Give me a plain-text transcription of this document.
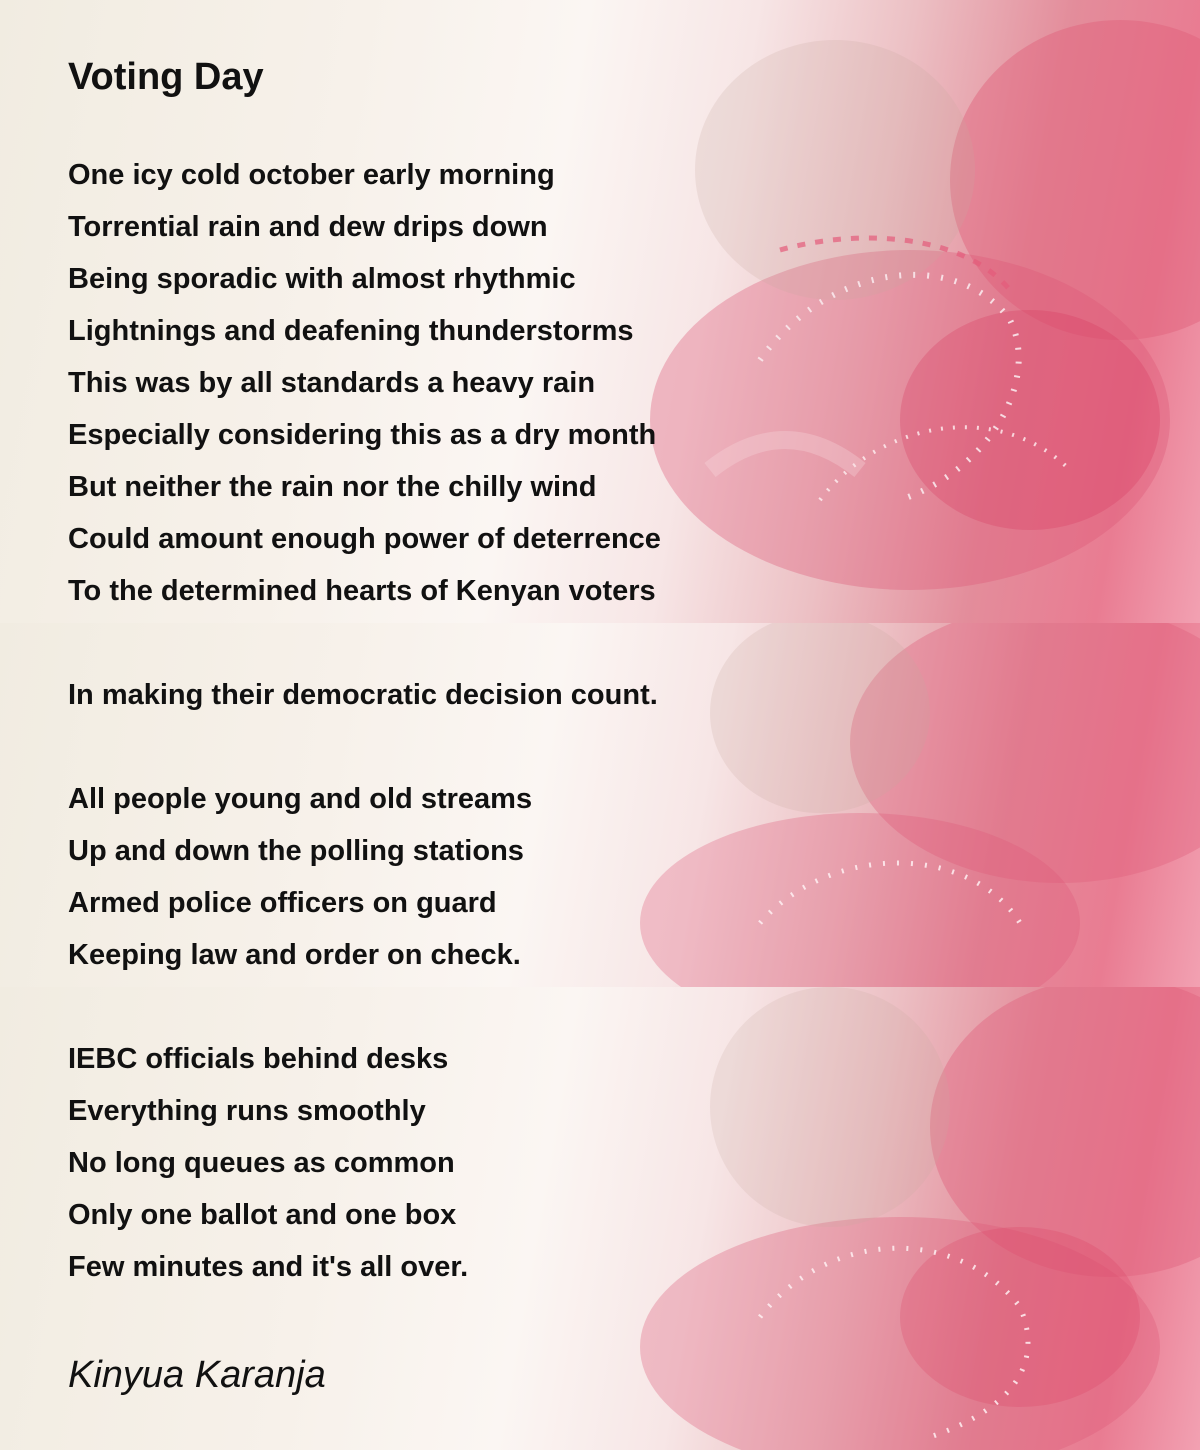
Voting Day

One icy cold october early morning

Torrential rain and dew drips down

Being sporadic with almost rhythmic

Lightnings and deafening thunderstorms

This was by all standards a heavy rain

Especially considering this as a dry month

But neither the rain nor the chilly wind

Could amount enough power of deterrence

To the determined hearts of Kenyan voters

In making their democratic decision count.

All people young and old streams

Up and down the polling stations

Armed police officers on guard

Keeping law and order on check.

IEBC officials behind desks

Everything runs smoothly

No long queues as common

Only one ballot and one box

Few minutes and it's all over.

Kinyua Karanja
